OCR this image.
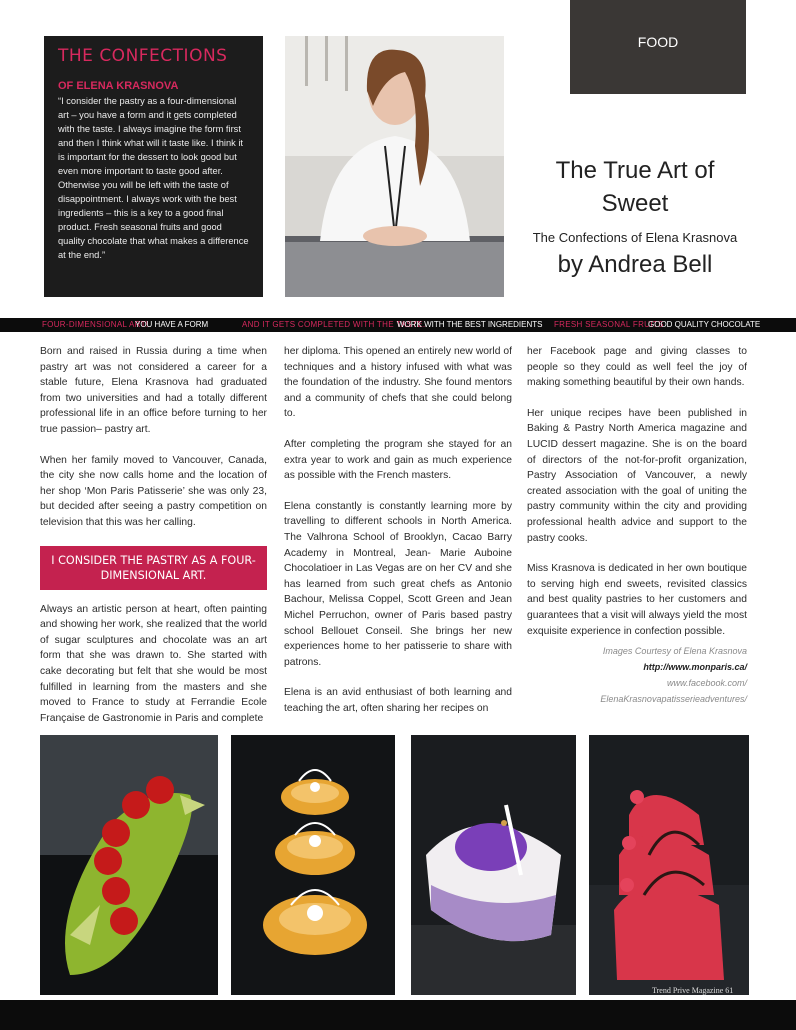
THE CONFECTIONS
OF ELENA KRASNOVA
“I consider the pastry as a four-dimensional art – you have a form and it gets completed with the taste. I always imagine the form first and then I think what will it taste like. I think it is important for the dessert to look good but even more important to taste good after. Otherwise you will be left with the taste of disappointment. I always work with the best ingredients – this is a key to a good final product. Fresh seasonal fruits and good quality chocolate that what makes a difference at the end.”
FOOD
The True Art of
Sweet
The Confections of Elena Krasnova
by Andrea Bell
FOUR-DIMENSIONAL ART!
YOU HAVE A FORM	AND IT GETS COMPLETED WITH THE TASTE.
WORK WITH THE BEST INGREDIENTS FRESH SEASONAL FRUITS
GOOD QUALITY CHOCOLATE

Born and raised in Russia during a time when pastry art was not considered a career for a stable future, Elena Krasnova had graduated from two universities and had a totally different professional life in an office before turning to her true passion– pastry art.

When her family moved to Vancouver, Canada, the city she now calls home and the location of her shop ‘Mon Paris Patisserie’ she was only 23, but decided after seeing a pastry competition on television that this was her calling.

I CONSIDER THE PASTRY AS A FOUR-DIMENSIONAL ART.

Always an artistic person at heart, often painting and showing her work, she realized that the world of sugar sculptures and chocolate was an art form that she was drawn to. She started with cake decorating but felt that she would be most fulfilled in learning from the masters and she moved to France to study at Ferrandie Ecole Française de Gastronomie in Paris and complete

her diploma. This opened an entirely new world of techniques and a history infused with what was the foundation of the industry. She found mentors and a community of chefs that she could belong to.

After completing the program she stayed for an extra year to work and gain as much experience as possible with the French masters.

Elena constantly is constantly learning more by travelling to different schools in North America. The Valhrona School of Brooklyn, Cacao Barry Academy in Montreal, Jean- Marie Auboine Chocolatioer in Las Vegas are on her CV and she has learned from such great chefs as Antonio Bachour, Melissa Coppel, Scott Green and Jean Michel Perruchon, owner of Paris based pastry school Bellouet Conseil. She brings her new experiences home to her patisserie to share with patrons.

Elena is an avid enthusiast of both learning and teaching the art, often sharing her recipes on

her Facebook page and giving classes to people so they could as well feel the joy of making something beautiful by their own hands.

Her unique recipes have been published in Baking & Pastry North America magazine and LUCID dessert magazine. She is on the board of directors of the not-for-profit organization, Pastry Association of Vancouver, a newly created association with the goal of uniting the pastry community within the city and providing professional health advice and support to the pastry cooks.

Miss Krasnova is dedicated in her own boutique to serving high end sweets, revisited classics and best quality pastries to her customers and guarantees that a visit will always yield the most exquisite experience in confection possible.

Images Courtesy of Elena Krasnova
http://www.monparis.ca/
www.facebook.com/
ElenaKrasnovapatisserieadventures/
Trend Prive Magazine 61
